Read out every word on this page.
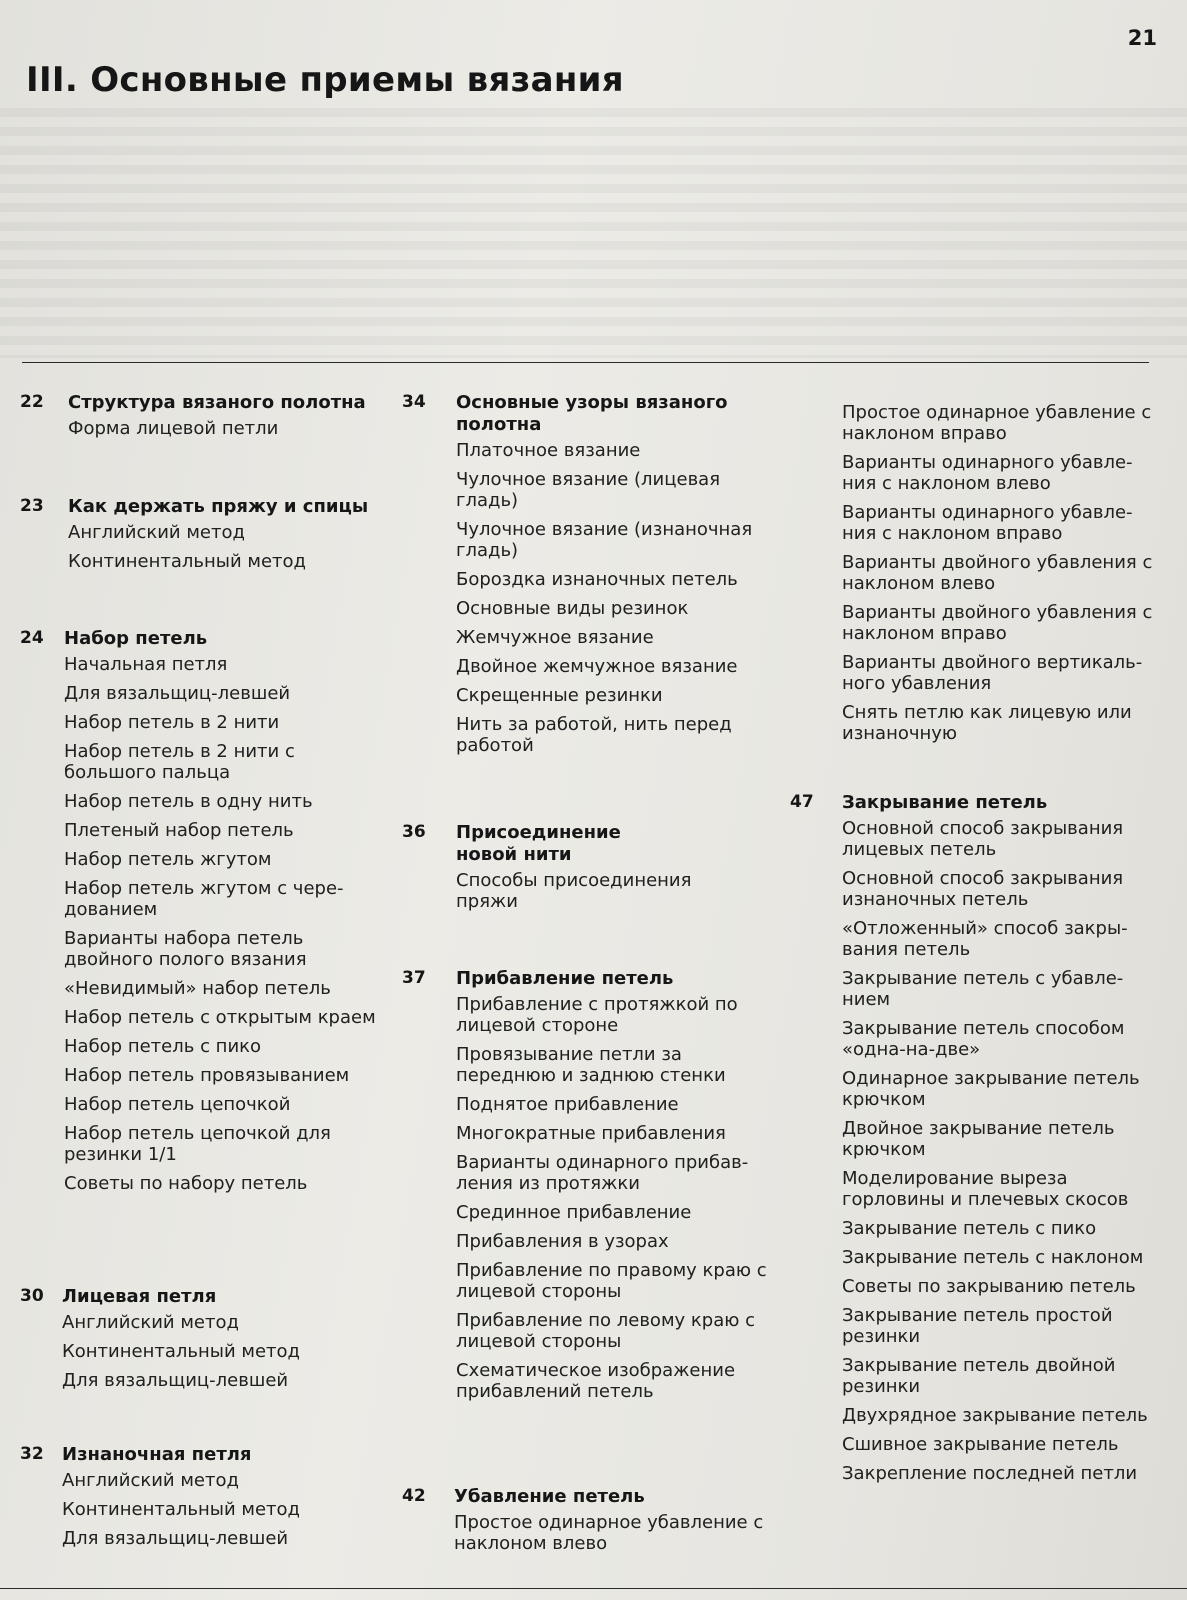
21
III. Основные приемы вязания
22 Структура вязаного полотна
Форма лицевой петли
23 Как держать пряжу и спицы
Английский метод
Континентальный метод
24 Набор петель
Начальная петля
Для вязальщиц-левшей
Набор петель в 2 нити
Набор петель в 2 нити с большого пальца
Набор петель в одну нить
Плетеный набор петель
Набор петель жгутом
Набор петель жгутом с чере-дованием
Варианты набора петель двойного полого вязания
«Невидимый» набор петель
Набор петель с открытым краем
Набор петель с пико
Набор петель провязыванием
Набор петель цепочкой
Набор петель цепочкой для резинки 1/1
Советы по набору петель
30 Лицевая петля
Английский метод
Континентальный метод
Для вязальщиц-левшей
32 Изнаночная петля
Английский метод
Континентальный метод
Для вязальщиц-левшей
34 Основные узоры вязаного полотна
Платочное вязание
Чулочное вязание (лицевая гладь)
Чулочное вязание (изнаночная гладь)
Бороздка изнаночных петель
Основные виды резинок
Жемчужное вязание
Двойное жемчужное вязание
Скрещенные резинки
Нить за работой, нить перед работой
36 Присоединение новой нити
Способы присоединения пряжи
37 Прибавление петель
Прибавление с протяжкой по лицевой стороне
Провязывание петли за переднюю и заднюю стенки
Поднятое прибавление
Многократные прибавления
Варианты одинарного прибав-ления из протяжки
Срединное прибавление
Прибавления в узорах
Прибавление по правому краю с лицевой стороны
Прибавление по левому краю с лицевой стороны
Схематическое изображение прибавлений петель
42 Убавление петель
Простое одинарное убавление с наклоном влево
Простое одинарное убавление с наклоном вправо
Варианты одинарного убавле-ния с наклоном влево
Варианты одинарного убавле-ния с наклоном вправо
Варианты двойного убавления с наклоном влево
Варианты двойного убавления с наклоном вправо
Варианты двойного вертикаль-ного убавления
Снять петлю как лицевую или изнаночную
47 Закрывание петель
Основной способ закрывания лицевых петель
Основной способ закрывания изнаночных петель
«Отложенный» способ закры-вания петель
Закрывание петель с убавле-нием
Закрывание петель способом «одна-на-две»
Одинарное закрывание петель крючком
Двойное закрывание петель крючком
Моделирование выреза горловины и плечевых скосов
Закрывание петель с пико
Закрывание петель с наклоном
Советы по закрыванию петель
Закрывание петель простой резинки
Закрывание петель двойной резинки
Двухрядное закрывание петель
Сшивное закрывание петель
Закрепление последней петли
